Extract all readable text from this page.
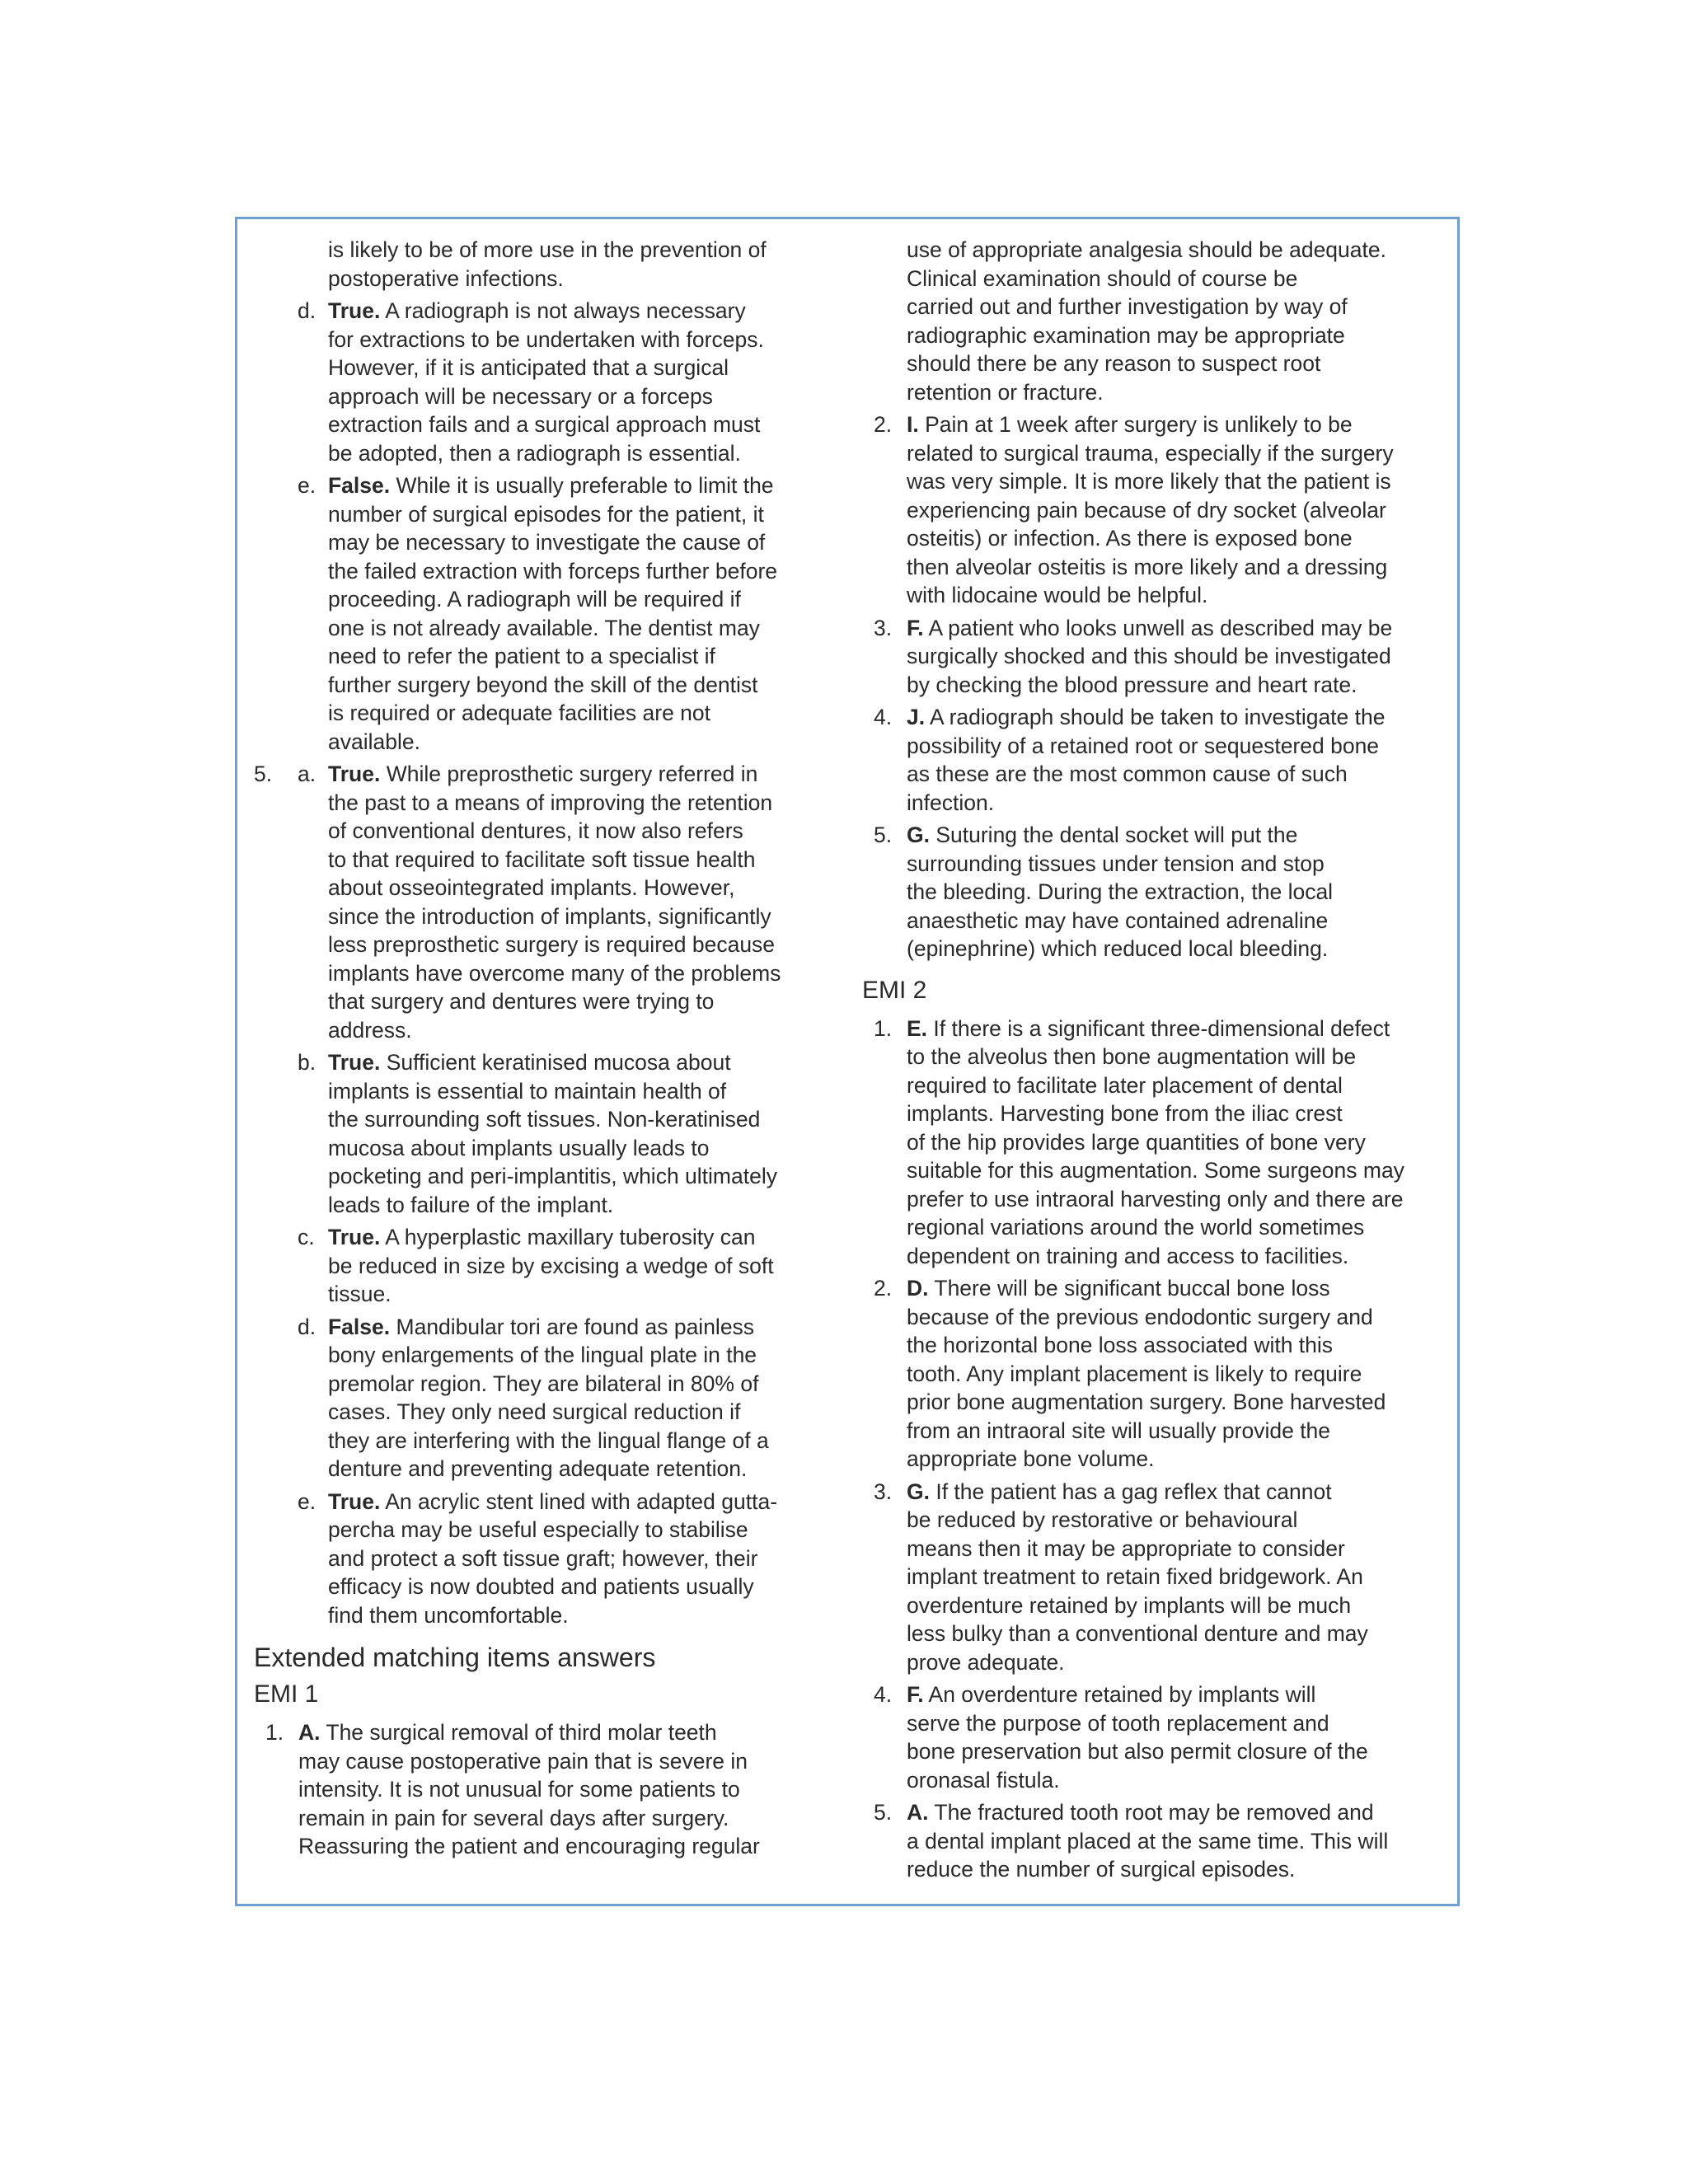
is likely to be of more use in the prevention of
postoperative infections.
d. True. A radiograph is not always necessary
for extractions to be undertaken with forceps.
However, if it is anticipated that a surgical
approach will be necessary or a forceps
extraction fails and a surgical approach must
be adopted, then a radiograph is essential.
e. False. While it is usually preferable to limit the
number of surgical episodes for the patient, it
may be necessary to investigate the cause of
the failed extraction with forceps further before
proceeding. A radiograph will be required if
one is not already available. The dentist may
need to refer the patient to a specialist if
further surgery beyond the skill of the dentist
is required or adequate facilities are not
available.
5. a. True. While preprosthetic surgery referred in
the past to a means of improving the retention
of conventional dentures, it now also refers
to that required to facilitate soft tissue health
about osseointegrated implants. However,
since the introduction of implants, significantly
less preprosthetic surgery is required because
implants have overcome many of the problems
that surgery and dentures were trying to
address.
b. True. Sufficient keratinised mucosa about
implants is essential to maintain health of
the surrounding soft tissues. Non-keratinised
mucosa about implants usually leads to
pocketing and peri-implantitis, which ultimately
leads to failure of the implant.
c. True. A hyperplastic maxillary tuberosity can
be reduced in size by excising a wedge of soft
tissue.
d. False. Mandibular tori are found as painless
bony enlargements of the lingual plate in the
premolar region. They are bilateral in 80% of
cases. They only need surgical reduction if
they are interfering with the lingual flange of a
denture and preventing adequate retention.
e. True. An acrylic stent lined with adapted gutta-
percha may be useful especially to stabilise
and protect a soft tissue graft; however, their
efficacy is now doubted and patients usually
find them uncomfortable.
Extended matching items answers
EMI 1
1. A. The surgical removal of third molar teeth
may cause postoperative pain that is severe in
intensity. It is not unusual for some patients to
remain in pain for several days after surgery.
Reassuring the patient and encouraging regular
use of appropriate analgesia should be adequate.
Clinical examination should of course be
carried out and further investigation by way of
radiographic examination may be appropriate
should there be any reason to suspect root
retention or fracture.
2. I. Pain at 1 week after surgery is unlikely to be
related to surgical trauma, especially if the surgery
was very simple. It is more likely that the patient is
experiencing pain because of dry socket (alveolar
osteitis) or infection. As there is exposed bone
then alveolar osteitis is more likely and a dressing
with lidocaine would be helpful.
3. F. A patient who looks unwell as described may be
surgically shocked and this should be investigated
by checking the blood pressure and heart rate.
4. J. A radiograph should be taken to investigate the
possibility of a retained root or sequestered bone
as these are the most common cause of such
infection.
5. G. Suturing the dental socket will put the
surrounding tissues under tension and stop
the bleeding. During the extraction, the local
anaesthetic may have contained adrenaline
(epinephrine) which reduced local bleeding.
EMI 2
1. E. If there is a significant three-dimensional defect
to the alveolus then bone augmentation will be
required to facilitate later placement of dental
implants. Harvesting bone from the iliac crest
of the hip provides large quantities of bone very
suitable for this augmentation. Some surgeons may
prefer to use intraoral harvesting only and there are
regional variations around the world sometimes
dependent on training and access to facilities.
2. D. There will be significant buccal bone loss
because of the previous endodontic surgery and
the horizontal bone loss associated with this
tooth. Any implant placement is likely to require
prior bone augmentation surgery. Bone harvested
from an intraoral site will usually provide the
appropriate bone volume.
3. G. If the patient has a gag reflex that cannot
be reduced by restorative or behavioural
means then it may be appropriate to consider
implant treatment to retain fixed bridgework. An
overdenture retained by implants will be much
less bulky than a conventional denture and may
prove adequate.
4. F. An overdenture retained by implants will
serve the purpose of tooth replacement and
bone preservation but also permit closure of the
oronasal fistula.
5. A. The fractured tooth root may be removed and
a dental implant placed at the same time. This will
reduce the number of surgical episodes.
